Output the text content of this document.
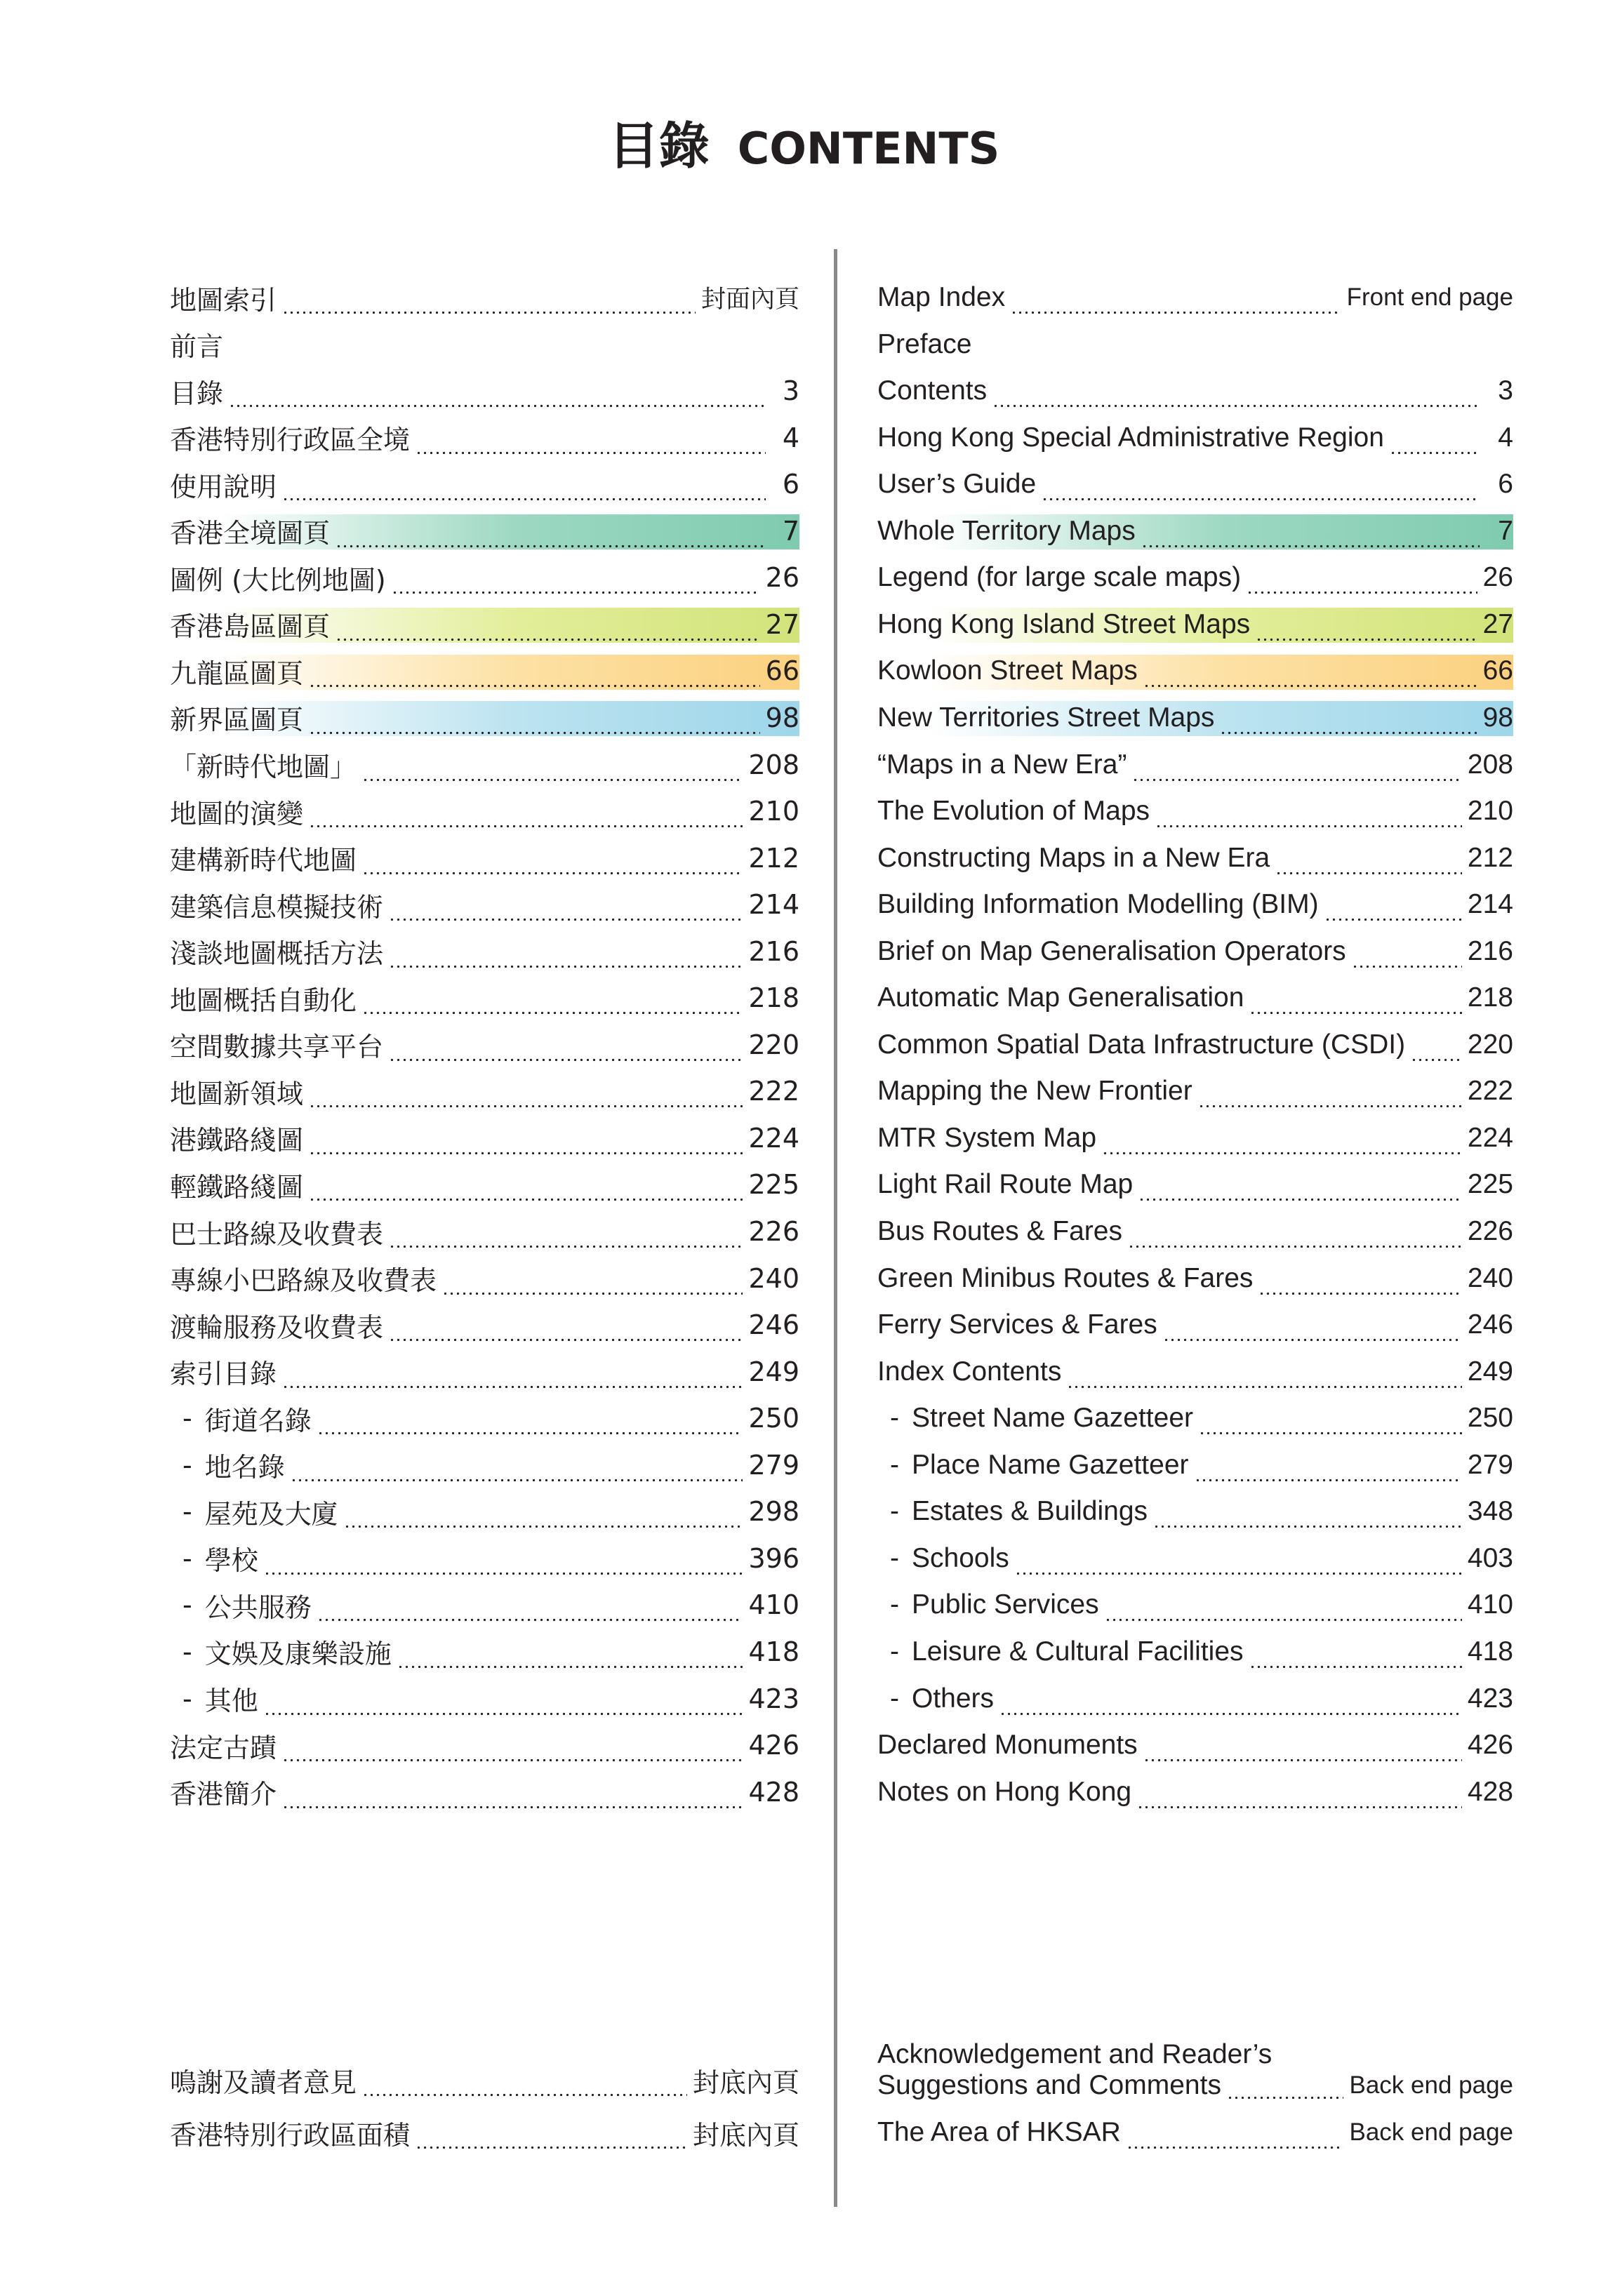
目錄 CONTENTS
地圖索引	封面內頁
前言
目錄	3
香港特別行政區全境	4
使用說明	6
香港全境圖頁	7
圖例 (大比例地圖)	26
香港島區圖頁	27
九龍區圖頁	66
新界區圖頁	98
「新時代地圖」	208
地圖的演變	210
建構新時代地圖	212
建築信息模擬技術	214
淺談地圖概括方法	216
地圖概括自動化	218
空間數據共享平台	220
地圖新領域	222
港鐵路綫圖	224
輕鐵路綫圖	225
巴士路線及收費表	226
專線小巴路線及收費表	240
渡輪服務及收費表	246
索引目錄	249
- 街道名錄	250
- 地名錄	279
- 屋苑及大廈	298
- 學校	396
- 公共服務	410
- 文娛及康樂設施	418
- 其他	423
法定古蹟	426
香港簡介	428
鳴謝及讀者意見	封底內頁
香港特別行政區面積	封底內頁
Map Index	Front end page
Preface
Contents	3
Hong Kong Special Administrative Region	4
User’s Guide	6
Whole Territory Maps	7
Legend (for large scale maps)	26
Hong Kong Island Street Maps	27
Kowloon Street Maps	66
New Territories Street Maps	98
“Maps in a New Era”	208
The Evolution of Maps	210
Constructing Maps in a New Era	212
Building Information Modelling (BIM)	214
Brief on Map Generalisation Operators	216
Automatic Map Generalisation	218
Common Spatial Data Infrastructure (CSDI) 220
Mapping the New Frontier	222
MTR System Map	224
Light Rail Route Map	225
Bus Routes & Fares	226
Green Minibus Routes & Fares	240
Ferry Services & Fares	246
Index Contents	249
- Street Name Gazetteer	250
- Place Name Gazetteer	279
- Estates & Buildings	348
- Schools	403
- Public Services	410
- Leisure & Cultural Facilities	418
- Others	423
Declared Monuments	426
Notes on Hong Kong	428
Acknowledgement and Reader’s
Suggestions and Comments	Back end page
The Area of HKSAR	Back end page
